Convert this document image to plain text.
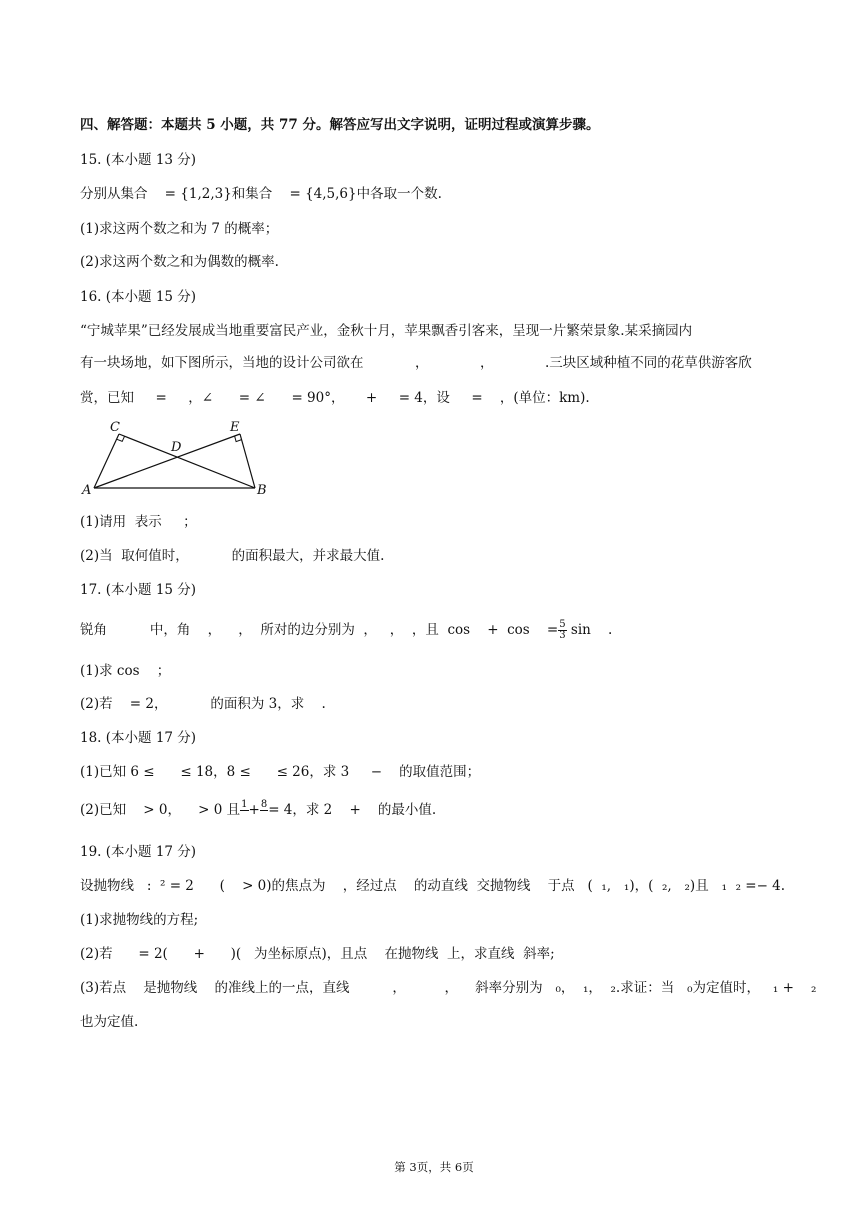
四、解答题：本题共 5 小题，共 77 分。解答应写出文字说明，证明过程或演算步骤。
15. (本小题 13 分)
分别从集合    = {1,2,3}和集合    = {4,5,6}中各取一个数.
(1)求这两个数之和为 7 的概率；
(2)求这两个数之和为偶数的概率.
16. (本小题 15 分)
“宁城苹果”已经发展成当地重要富民产业，金秋十月，苹果飘香引客来，呈现一片繁荣景象.某采摘园内
有一块场地，如下图所示，当地的设计公司欲在            ，            ，            .三块区域种植不同的花草供游客欣
赏，已知     =     ，∠      = ∠      = 90°，     +     = 4，设     =    ，(单位：km).
C	E
D
A	B
(1)请用  表示     ；
(2)当  取何值时，          的面积最大，并求最大值.
17. (本小题 15 分)
锐角          中，角    ，    ，  所对的边分别为  ，   ，  ，且  cos    +  cos    = $\frac{5}{3}$ sin    .
(1)求 cos    ；
(2)若    = 2，          的面积为 3，求    .
18. (本小题 17 分)
(1)已知 6 ≤      ≤ 18，8 ≤      ≤ 26，求 3     −    的取值范围；
(2)已知    > 0，    > 0 且 1
+ 8
= 4，求 2    +    的最小值.
19. (本小题 17 分)
设抛物线   :  ² = 2      (    > 0)的焦点为    ，经过点    的动直线  交抛物线    于点   (  ₁,   ₁)，(  ₂,   ₂)且   ₁  ₂ =− 4.
(1)求抛物线的方程;
(2)若      = 2(      +      )(   为坐标原点)，且点    在抛物线  上，求直线  斜率;
(3)若点    是抛物线    的准线上的一点，直线          ，         ，    斜率分别为   ₀，  ₁，  ₂.求证：当   ₀为定值时，   ₁ +    ₂
也为定值.
第 3页，共 6页
